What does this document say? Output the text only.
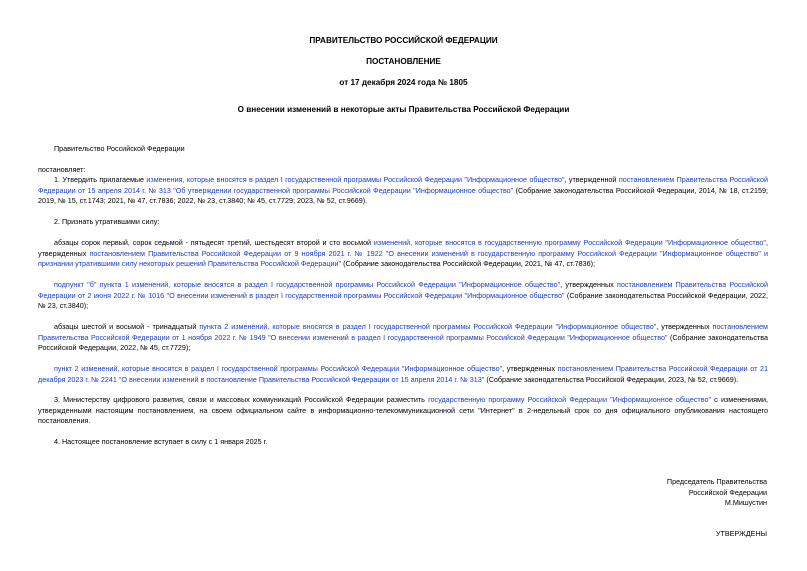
ПРАВИТЕЛЬСТВО РОССИЙСКОЙ ФЕДЕРАЦИИ
ПОСТАНОВЛЕНИЕ
от 17 декабря 2024 года № 1805
О внесении изменений в некоторые акты Правительства Российской Федерации
Правительство Российской Федерации
постановляет:
1. Утвердить прилагаемые изменения, которые вносятся в раздел I государственной программы Российской Федерации "Информационное общество", утвержденной постановлением Правительства Российской Федерации от 15 апреля 2014 г. № 313 "Об утверждении государственной программы Российской Федерации "Информационное общество" (Собрание законодательства Российской Федерации, 2014, № 18, ст.2159; 2019, № 15, ст.1743; 2021, № 47, ст.7836; 2022, № 23, ст.3840; № 45, ст.7729; 2023, № 52, ст.9669).
2. Признать утратившими силу:
абзацы сорок первый, сорок седьмой - пятьдесят третий, шестьдесят второй и сто восьмой изменений, которые вносятся в государственную программу Российской Федерации "Информационное общество", утвержденных постановлением Правительства Российской Федерации от 9 ноября 2021 г. № 1922 "О внесении изменений в государственную программу Российской Федерации "Информационное общество" и признании утратившими силу некоторых решений Правительства Российской Федерации" (Собрание законодательства Российской Федерации, 2021, № 47, ст.7836);
подпункт "б" пункта 1 изменений, которые вносятся в раздел I государственной программы Российской Федерации "Информационное общество", утвержденных постановлением Правительства Российской Федерации от 2 июня 2022 г. № 1016 "О внесении изменений в раздел I государственной программы Российской Федерации "Информационное общество" (Собрание законодательства Российской Федерации, 2022, № 23, ст.3840);
абзацы шестой и восьмой - тринадцатый пункта 2 изменений, которые вносятся в раздел I государственной программы Российской Федерации "Информационное общество", утвержденных постановлением Правительства Российской Федерации от 1 ноября 2022 г. № 1949 "О внесении изменений в раздел I государственной программы Российской Федерации "Информационное общество" (Собрание законодательства Российской Федерации, 2022, № 45, ст.7729);
пункт 2 изменений, которые вносятся в раздел I государственной программы Российской Федерации "Информационное общество", утвержденных постановлением Правительства Российской Федерации от 21 декабря 2023 г. № 2241 "О внесении изменений в постановление Правительства Российской Федерации от 15 апреля 2014 г. № 313" (Собрание законодательства Российской Федерации, 2023, № 52, ст.9669).
3. Министерству цифрового развития, связи и массовых коммуникаций Российской Федерации разместить государственную программу Российской Федерации "Информационное общество" с изменениями, утвержденными настоящим постановлением, на своем официальном сайте в информационно-телекоммуникационной сети "Интернет" в 2-недельный срок со дня официального опубликования настоящего постановления.
4. Настоящее постановление вступает в силу с 1 января 2025 г.
Председатель Правительства
Российской Федерации
М.Мишустин
УТВЕРЖДЕНЫ
